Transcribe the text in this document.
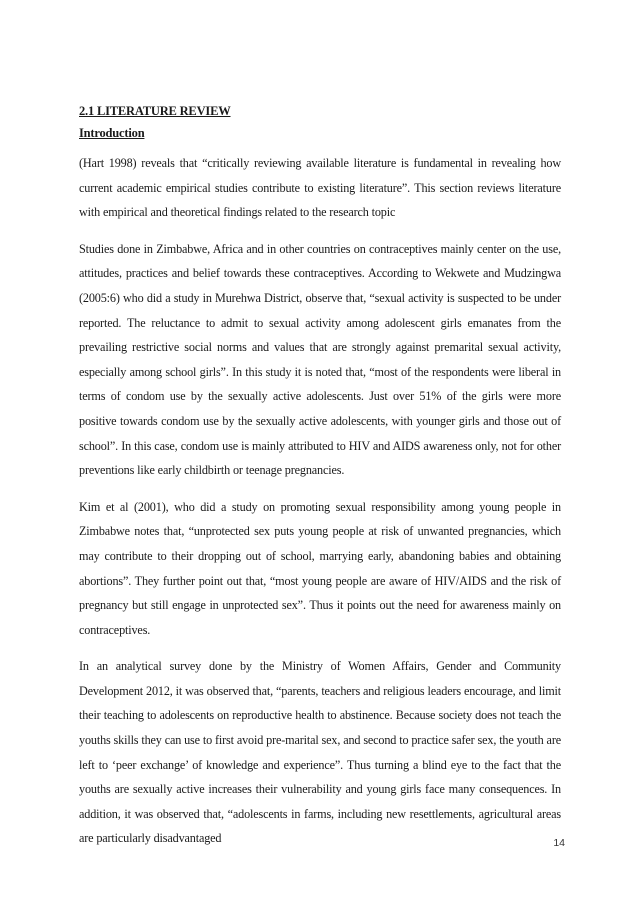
2.1 LITERATURE REVIEW
Introduction

(Hart 1998) reveals that “critically reviewing available literature is fundamental in revealing how current academic empirical studies contribute to existing literature”. This section reviews literature with empirical and theoretical findings related to the research topic

Studies done in Zimbabwe, Africa and in other countries on contraceptives mainly center on the use, attitudes, practices and belief towards these contraceptives. According to Wekwete and Mudzingwa (2005:6) who did a study in Murehwa District, observe that, “sexual activity is suspected to be under reported. The reluctance to admit to sexual activity among adolescent girls emanates from the prevailing restrictive social norms and values that are strongly against premarital sexual activity, especially among school girls”. In this study it is noted that, “most of the respondents were liberal in terms of condom use by the sexually active adolescents. Just over 51% of the girls were more positive towards condom use by the sexually active adolescents, with younger girls and those out of school”. In this case, condom use is mainly attributed to HIV and AIDS awareness only, not for other preventions like early childbirth or teenage pregnancies.

Kim et al (2001), who did a study on promoting sexual responsibility among young people in Zimbabwe notes that, “unprotected sex puts young people at risk of unwanted pregnancies, which may contribute to their dropping out of school, marrying early, abandoning babies and obtaining abortions”. They further point out that, “most young people are aware of HIV/AIDS and the risk of pregnancy but still engage in unprotected sex”. Thus it points out the need for awareness mainly on contraceptives.

In an analytical survey done by the Ministry of Women Affairs, Gender and Community Development 2012, it was observed that, “parents, teachers and religious leaders encourage, and limit their teaching to adolescents on reproductive health to abstinence. Because society does not teach the youths skills they can use to first avoid pre-marital sex, and second to practice safer sex, the youth are left to ‘peer exchange’ of knowledge and experience”. Thus turning a blind eye to the fact that the youths are sexually active increases their vulnerability and young girls face many consequences. In addition, it was observed that, “adolescents in farms, including new resettlements, agricultural areas are particularly disadvantaged	14
